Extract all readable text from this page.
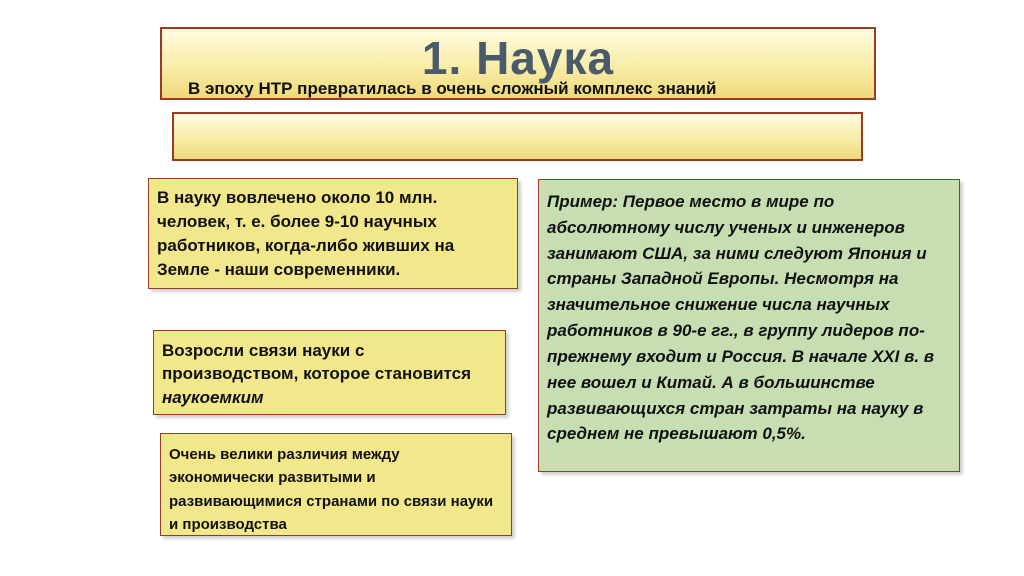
1. Наука
В эпоху НТР превратилась в очень сложный комплекс знаний
В науку вовлечено около 10 млн. человек, т. е. более 9-10 научных работников, когда-либо живших на Земле - наши современники.
Возросли связи науки с производством, которое становится
наукоемким
Очень велики различия между экономически развитыми и развивающимися странами по связи науки и производства
Пример: Первое место в мире по абсолютному числу ученых и инженеров занимают США, за ними следуют Япония и страны Западной Европы. Несмотря на значительное снижение числа научных работников в 90-е гг., в группу лидеров по-прежнему входит и Россия. В начале XXI в. в нее вошел и Китай. А в большинстве развивающихся стран затраты на науку в среднем не превышают 0,5%.
